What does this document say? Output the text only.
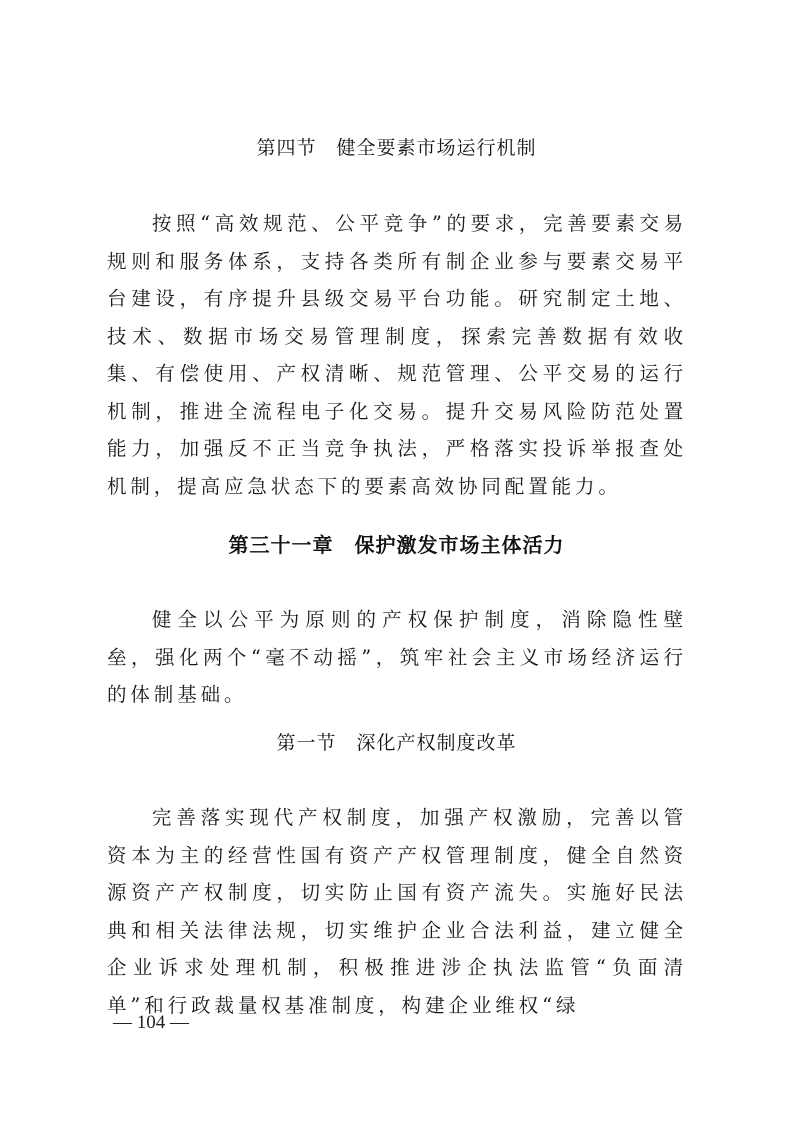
第四节　健全要素市场运行机制

按照“高效规范、公平竞争”的要求，完善要素交易规则和服务体系，支持各类所有制企业参与要素交易平台建设，有序提升县级交易平台功能。研究制定土地、技术、数据市场交易管理制度，探索完善数据有效收集、有偿使用、产权清晰、规范管理、公平交易的运行机制，推进全流程电子化交易。提升交易风险防范处置能力，加强反不正当竞争执法，严格落实投诉举报查处机制，提高应急状态下的要素高效协同配置能力。

第三十一章　保护激发市场主体活力

健全以公平为原则的产权保护制度，消除隐性壁垒，强化两个“毫不动摇”，筑牢社会主义市场经济运行的体制基础。

第一节　深化产权制度改革

完善落实现代产权制度，加强产权激励，完善以管资本为主的经营性国有资产产权管理制度，健全自然资源资产产权制度，切实防止国有资产流失。实施好民法典和相关法律法规，切实维护企业合法利益，建立健全企业诉求处理机制，积极推进涉企执法监管“负面清单”和行政裁量权基准制度，构建企业维权“绿

— 104 —
